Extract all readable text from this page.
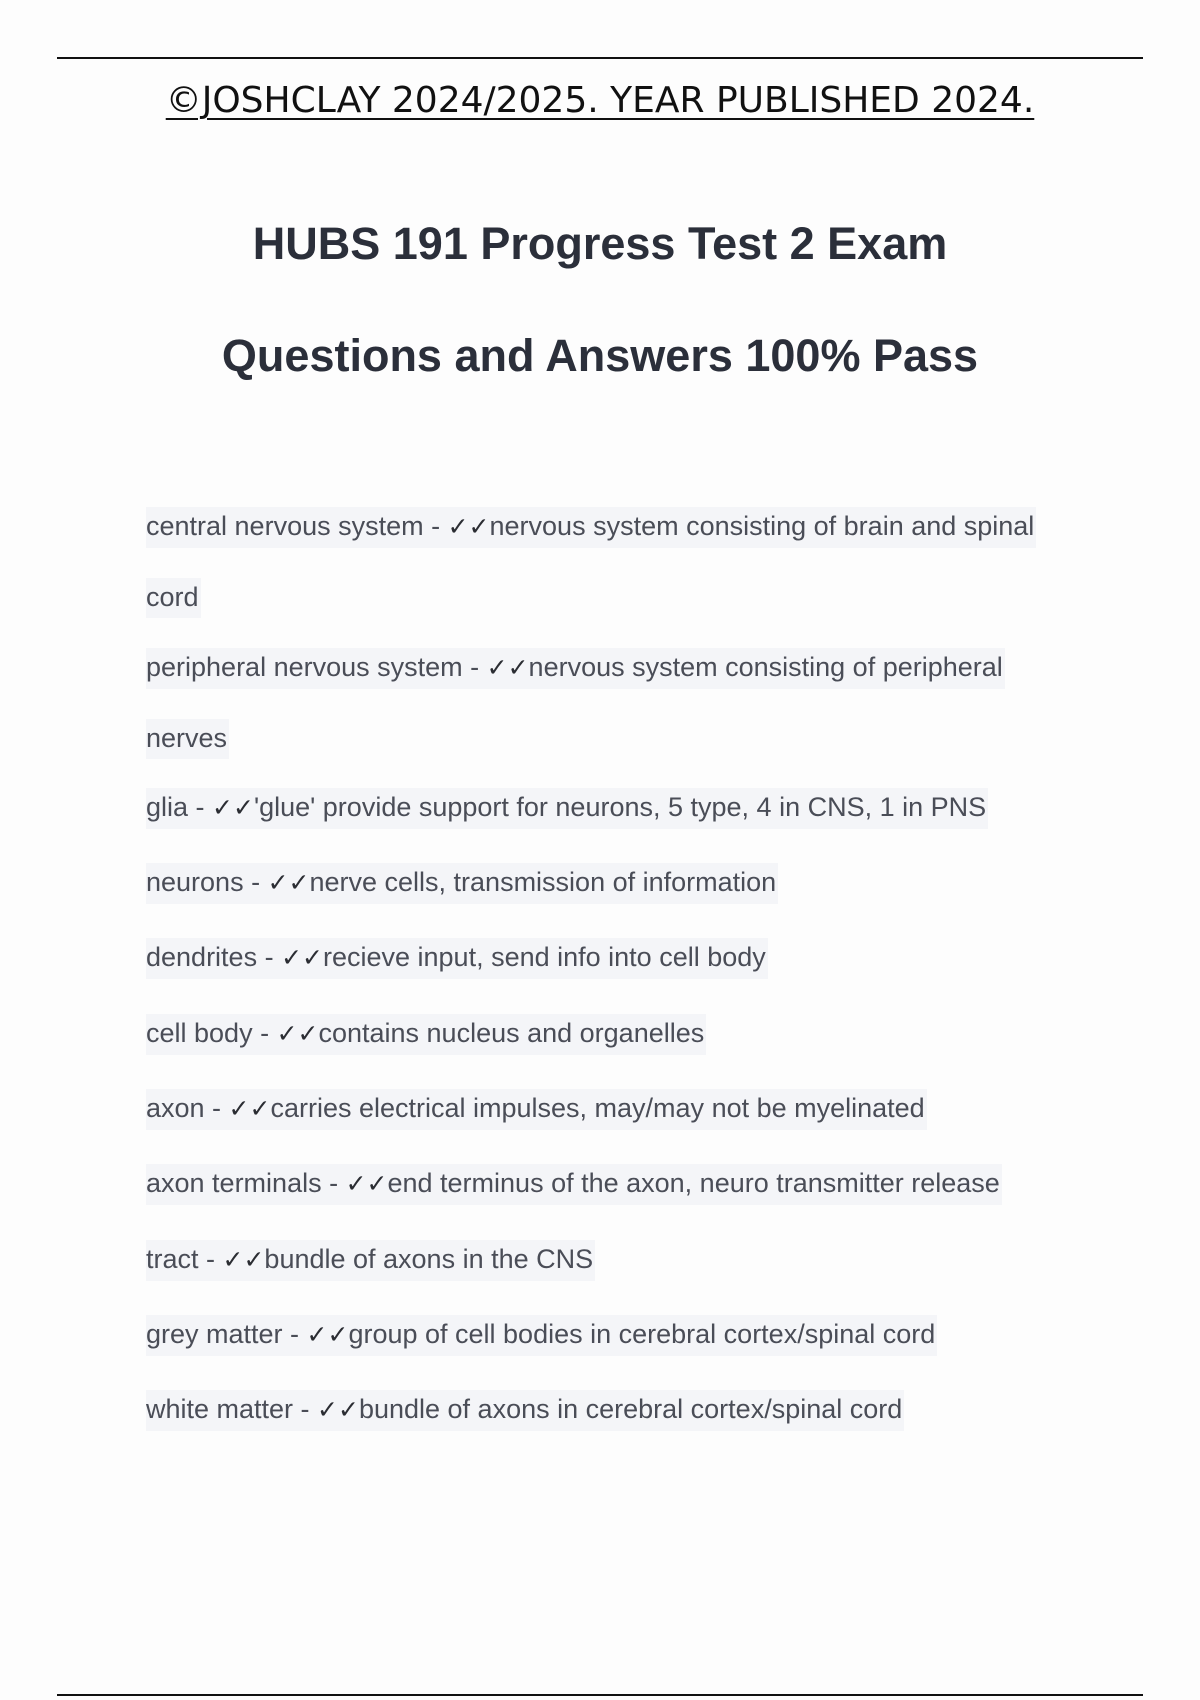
©JOSHCLAY 2024/2025. YEAR PUBLISHED 2024.
HUBS 191 Progress Test 2 Exam
Questions and Answers 100% Pass
central nervous system - ✓✓nervous system consisting of brain and spinal
cord
peripheral nervous system - ✓✓nervous system consisting of peripheral
nerves
glia - ✓✓'glue' provide support for neurons, 5 type, 4 in CNS, 1 in PNS
neurons - ✓✓nerve cells, transmission of information
dendrites - ✓✓recieve input, send info into cell body
cell body - ✓✓contains nucleus and organelles
axon - ✓✓carries electrical impulses, may/may not be myelinated
axon terminals - ✓✓end terminus of the axon, neuro transmitter release
tract - ✓✓bundle of axons in the CNS
grey matter - ✓✓group of cell bodies in cerebral cortex/spinal cord
white matter - ✓✓bundle of axons in cerebral cortex/spinal cord
